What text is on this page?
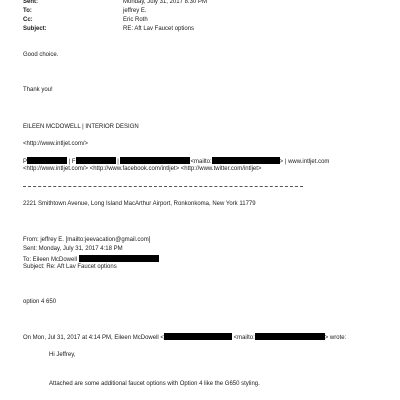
Sent:	Monday, July 31, 2017 8:30 PM
To:	jeffrey E.
Cc:	Eric Roth
Subject:	RE: Aft Lav Faucet options
Good choice.
Thank you!
EILEEN MCDOWELL | INTERIOR DESIGN
<http://www.intljet.com/>
P	| F	|	<mailto:	> | www.intljet.com
<http://www.intljet.com/> <http://www.facebook.com/intljet> <http://www.twitter.com/intljet>
2221 Smithtown Avenue, Long Island MacArthur Airport, Ronkonkoma, New York 11779
From: jeffrey E. [mailto:jeevacation@gmail.com]
Sent: Monday, July 31, 2017 4:18 PM
To: Eileen McDowell
Subject: Re: Aft Lav Faucet options
option 4 650
On Mon, Jul 31, 2017 at 4:14 PM, Eileen McDowell <	<mailto:	> wrote:
Hi Jeffrey,
Attached are some additional faucet options with Option 4 like the G650 styling.
